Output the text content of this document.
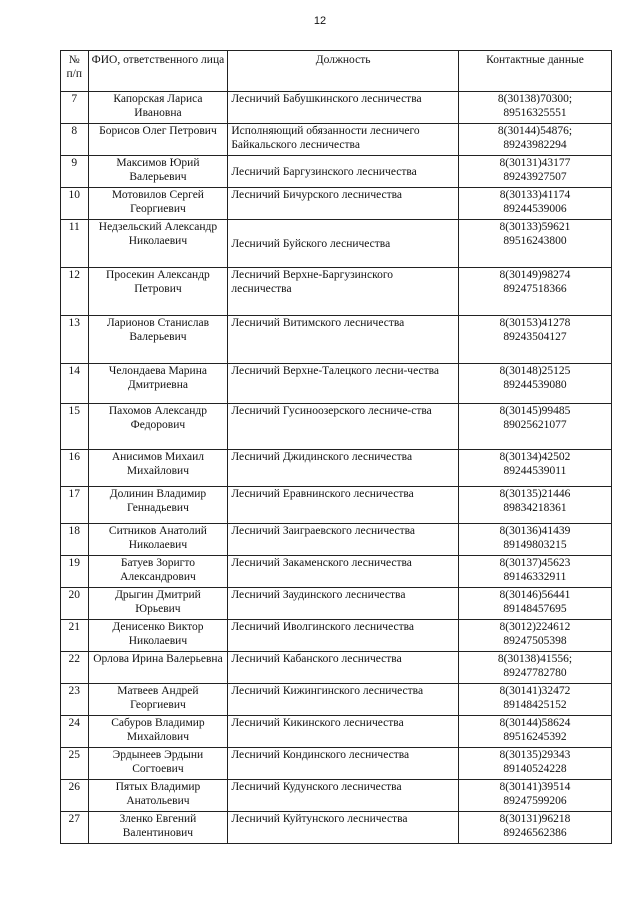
12
№ п/п	ФИО, ответственного лица	Должность	Контактные данные
7	Капорская Лариса Ивановна	Лесничий Бабушкинского лесничества	8(30138)70300;
89516325551

8	Борисов Олег Петрович	Исполняющий обязанности лесничего Байкальского лесничества	8(30144)54876;
89243982294

9	Максимов Юрий Валерьевич	Лесничий Баргузинского лесничества	8(30131)43177
89243927507

10	Мотовилов Сергей Георгиевич	Лесничий Бичурского лесничества	8(30133)41174
89244539006

11	Недзельский Александр Николаевич	Лесничий Буйского лесничества	8(30133)59621
89516243800

12	Просекин Александр Петрович	Лесничий Верхне-Баргузинского лесничества	8(30149)98274
89247518366

13	Ларионов Станислав Валерьевич	Лесничий Витимского лесничества	8(30153)41278
89243504127

14	Челондаева Марина Дмитриевна	Лесничий Верхне-Талецкого лесни-чества	8(30148)25125
89244539080

15	Пахомов Александр Федорович	Лесничий Гусиноозерского лесниче-ства	8(30145)99485
89025621077

16	Анисимов Михаил Михайлович	Лесничий Джидинского лесничества	8(30134)42502
89244539011

17	Долинин Владимир Геннадьевич	Лесничий Еравнинского лесничества	8(30135)21446
89834218361

18	Ситников Анатолий Николаевич	Лесничий Заиграевского лесничества	8(30136)41439
89149803215

19	Батуев Зоригто Александрович	Лесничий Закаменского лесничества	8(30137)45623
89146332911

20	Дрыгин Дмитрий Юрьевич	Лесничий Заудинского лесничества	8(30146)56441
89148457695

21	Денисенко Виктор Николаевич	Лесничий Иволгинского лесничества	8(3012)224612
89247505398

22	Орлова Ирина Валерьевна	Лесничий Кабанского лесничества	8(30138)41556;
89247782780

23	Матвеев Андрей Георгиевич	Лесничий Кижингинского лесничества	8(30141)32472
89148425152

24	Сабуров Владимир Михайлович	Лесничий Кикинского лесничества	8(30144)58624
89516245392

25	Эрдынеев Эрдыни Согтоевич	Лесничий Кондинского лесничества	8(30135)29343
89140524228

26	Пятых Владимир Анатольевич	Лесничий Кудунского лесничества	8(30141)39514
89247599206

27	Зленко Евгений Валентинович	Лесничий Куйтунского лесничества	8(30131)96218
89246562386
